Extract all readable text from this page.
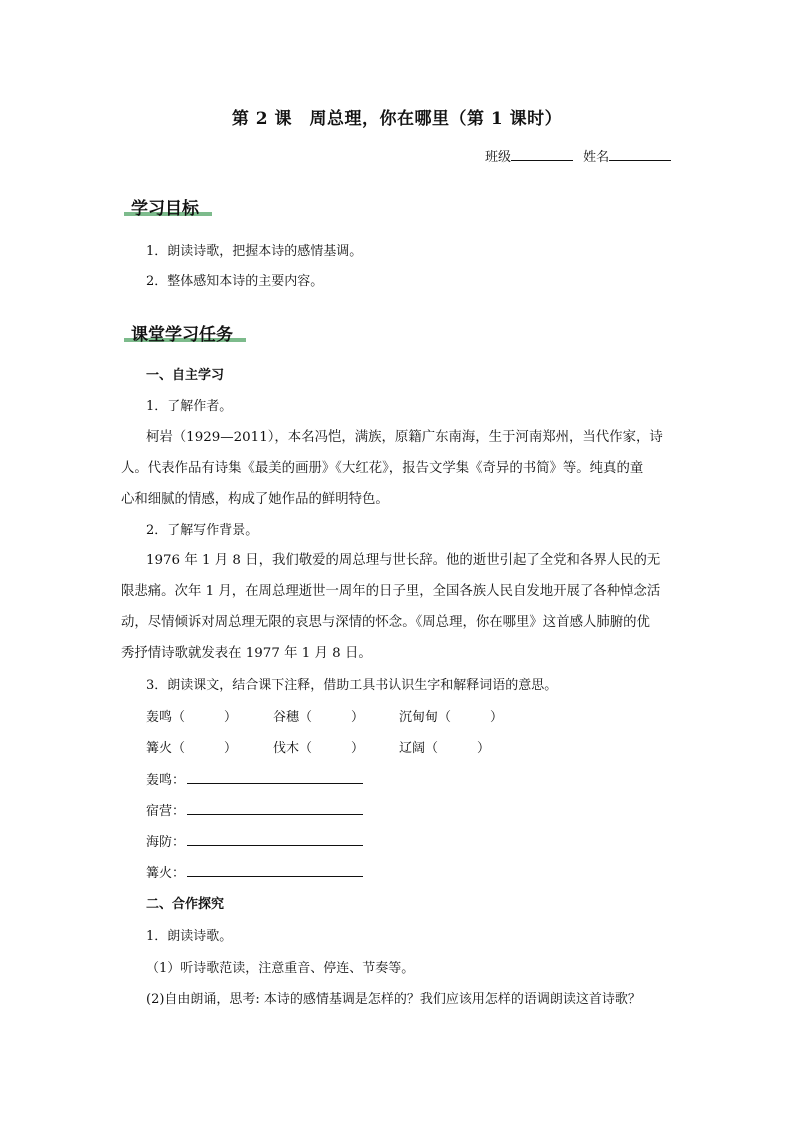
第 2 课　周总理，你在哪里（第 1 课时）
班级	姓名
学习目标
1．朗读诗歌，把握本诗的感情基调。
2．整体感知本诗的主要内容。
课堂学习任务
一、自主学习
1．了解作者。
柯岩（1929—2011），本名冯恺，满族，原籍广东南海，生于河南郑州，当代作家，诗
人。代表作品有诗集《最美的画册》《大红花》，报告文学集《奇异的书简》等。纯真的童
心和细腻的情感，构成了她作品的鲜明特色。
2．了解写作背景。
1976 年 1 月 8 日，我们敬爱的周总理与世长辞。他的逝世引起了全党和各界人民的无
限悲痛。次年 1 月，在周总理逝世一周年的日子里，全国各族人民自发地开展了各种悼念活
动，尽情倾诉对周总理无限的哀思与深情的怀念。《周总理，你在哪里》这首感人肺腑的优
秀抒情诗歌就发表在 1977 年 1 月 8 日。
3．朗读课文，结合课下注释，借助工具书认识生字和解释词语的意思。
轰鸣（　　　）	谷穗（　　　）	沉甸甸（　　　）
篝火（　　　）	伐木（　　　）	辽阔（　　　）
轰鸣：
宿营：
海防：
篝火：
二、合作探究
1．朗读诗歌。
（1）听诗歌范读，注意重音、停连、节奏等。
(2)自由朗诵，思考: 本诗的感情基调是怎样的？我们应该用怎样的语调朗读这首诗歌？
